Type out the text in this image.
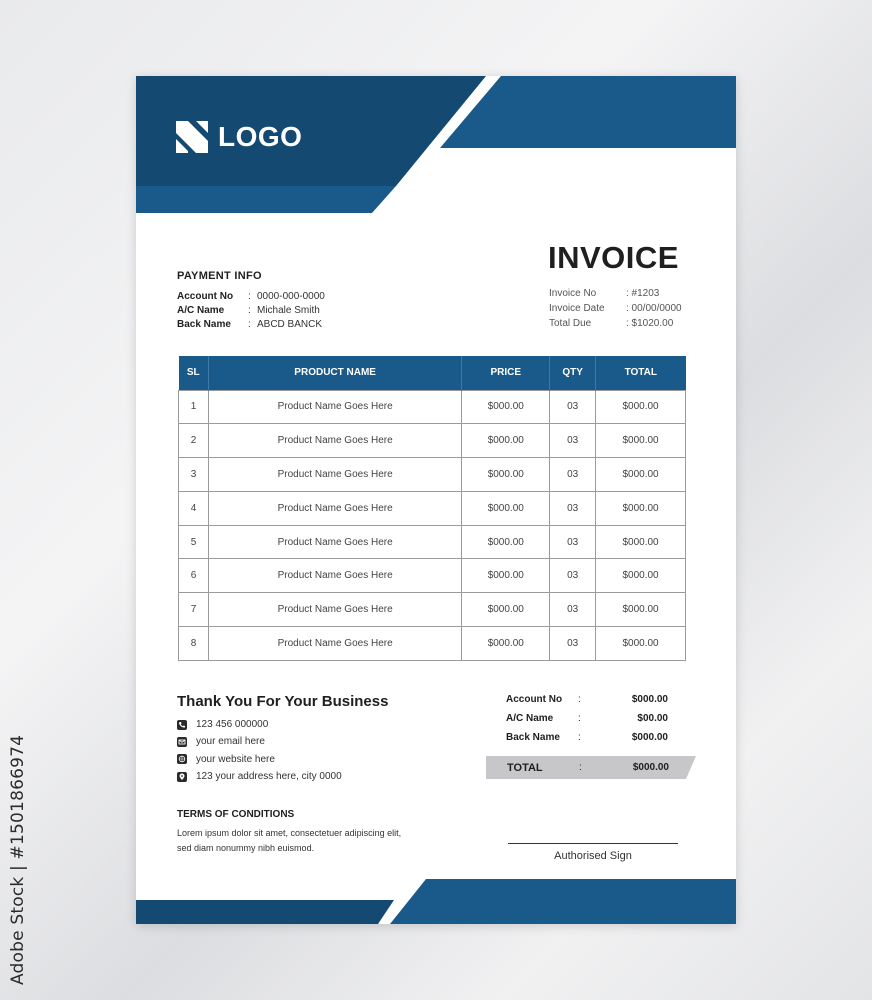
Adobe Stock | #1501866974
LOGO
INVOICE
Invoice No	: #1203
Invoice Date	: 00/00/0000
Total Due	: $1020.00
PAYMENT INFO
Account No	: 0000-000-0000
A/C Name	: Michale Smith
Back Name	: ABCD BANCK
SL	PRODUCT NAME	PRICE	QTY	TOTAL
1	Product Name Goes Here	$000.00	03	$000.00
2	Product Name Goes Here	$000.00	03	$000.00
3	Product Name Goes Here	$000.00	03	$000.00
4	Product Name Goes Here	$000.00	03	$000.00
5	Product Name Goes Here	$000.00	03	$000.00
6	Product Name Goes Here	$000.00	03	$000.00
7	Product Name Goes Here	$000.00	03	$000.00
8	Product Name Goes Here	$000.00	03	$000.00
Thank You For Your Business
123 456 000000
your email here
your website here
123 your address here, city 0000
TERMS OF CONDITIONS
Lorem ipsum dolor sit amet, consectetuer adipiscing elit,
sed diam nonummy nibh euismod.
Account No	:	$000.00
A/C Name	:	$00.00
Back Name	:	$000.00
TOTAL	:	$000.00
Authorised Sign
